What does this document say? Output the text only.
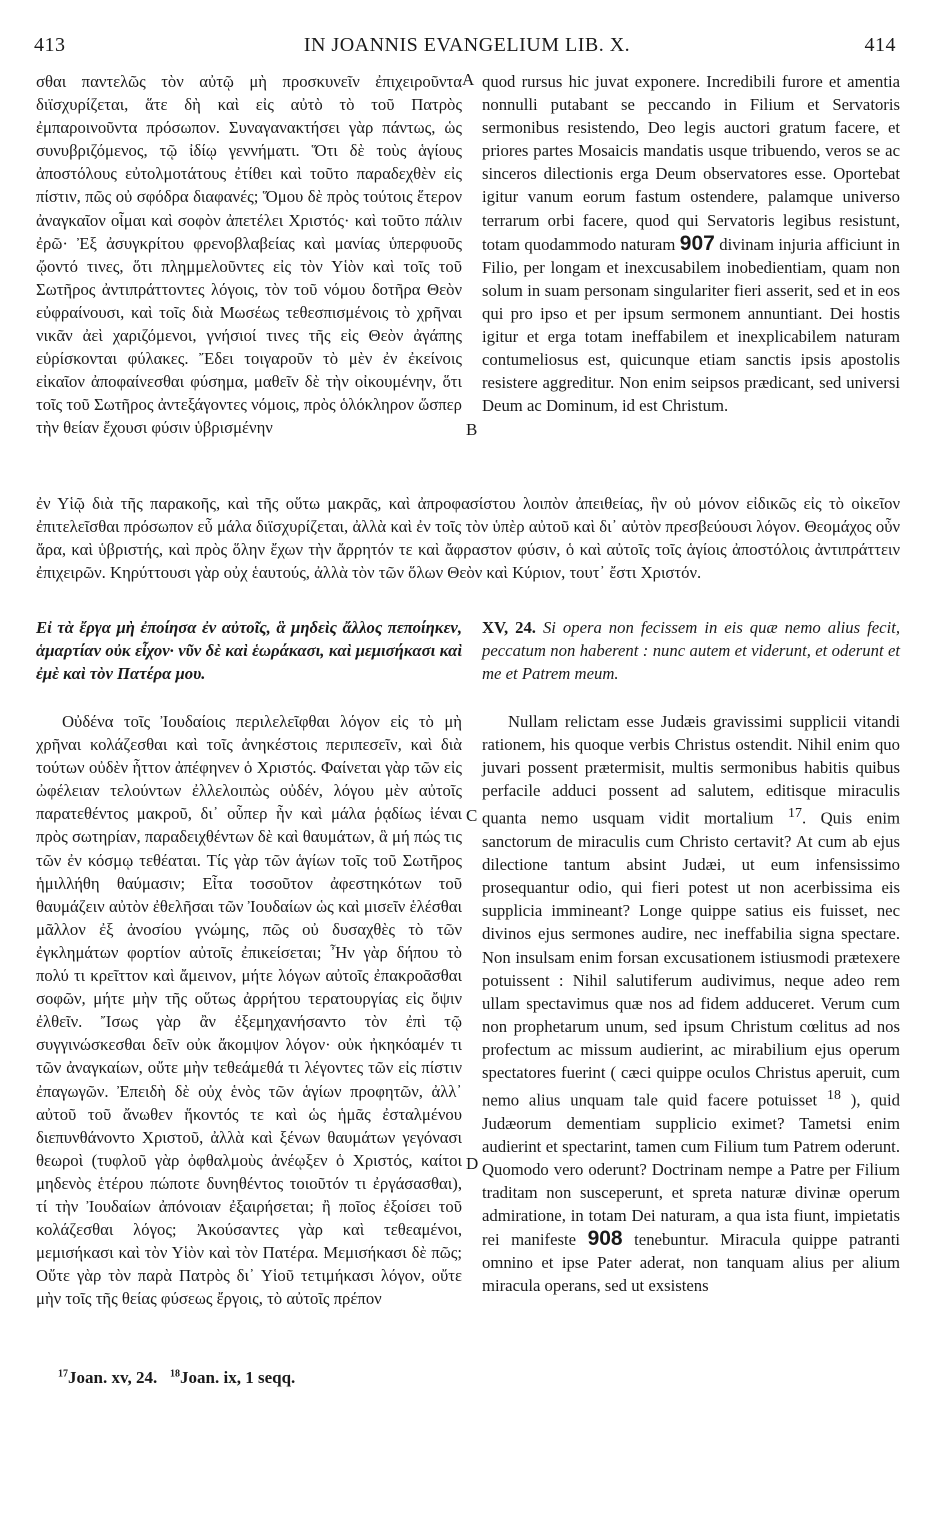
413	IN JOANNIS EVANGELIUM LIB. X.	414

σθαι παντελῶς τὸν αὐτῷ μὴ προσκυνεῖν ἐπιχειροῦντα διϊσχυρίζεται, ἅτε δὴ καὶ εἰς αὐτὸ τὸ τοῦ Πατρὸς ἐμπαροινοῦντα πρόσωπον. Συναγανακτήσει γὰρ πάντως, ὡς συνυβριζόμενος, τῷ ἰδίῳ γεννήματι. Ὅτι δὲ τοὺς ἁγίους ἀποστόλους εὐτολμοτάτους ἐτίθει καὶ τοῦτο παραδεχθὲν εἰς πίστιν, πῶς οὐ σφόδρα διαφανές; Ὅμου δὲ πρὸς τούτοις ἕτερον ἀναγκαῖον οἶμαι καὶ σοφὸν ἀπετέλει Χριστός· καὶ τοῦτο πάλιν ἐρῶ· Ἐξ ἀσυγκρίτου φρενοβλαβείας καὶ μανίας ὑπερφυοῦς ᾤοντό τινες, ὅτι πλημμελοῦντες εἰς τὸν Υἱὸν καὶ τοῖς τοῦ Σωτῆρος ἀντιπράττοντες λόγοις, τὸν τοῦ νόμου δοτῆρα Θεὸν εὐφραίνουσι, καὶ τοῖς διὰ Μωσέως τεθεσπισμένοις τὸ χρῆναι νικᾶν ἀεὶ χαριζόμενοι, γνήσιοί τινες τῆς εἰς Θεὸν ἀγάπης εὑρίσκονται φύλακες. Ἔδει τοιγαροῦν τὸ μὲν ἐν ἐκείνοις εἰκαῖον ἀποφαίνεσθαι φύσημα, μαθεῖν δὲ τὴν οἰκουμένην, ὅτι τοῖς τοῦ Σωτῆρος ἀντεξάγοντες νόμοις, πρὸς ὁλόκληρον ὥσπερ τὴν θείαν ἔχουσι φύσιν ὑβρισμένην

quod rursus hic juvat exponere. Incredibili furore et amentia nonnulli putabant se peccando in Filium et Servatoris sermonibus resistendo, Deo legis auctori gratum facere, et priores partes Mosaicis mandatis usque tribuendo, veros se ac sinceros dilectionis erga Deum observatores esse. Oportebat igitur vanum eorum fastum ostendere, palamque universo terrarum orbi facere, quod qui Servatoris legibus resistunt, totam quodammodo naturam 907 divinam injuria afficiunt in Filio, per longam et inexcusabilem inobedientiam, quam non solum in suam personam singulariter fieri asserit, sed et in eos qui pro ipso et per ipsum sermonem annuntiant. Dei hostis igitur et erga totam ineffabilem et inexplicabilem naturam contumeliosus est, quicunque etiam sanctis ipsis apostolis resistere aggreditur. Non enim seipsos prædicant, sed universi Deum ac Dominum, id est Christum.

A
B

ἐν Υἱῷ διὰ τῆς παρακοῆς, καὶ τῆς οὕτω μακρᾶς, καὶ ἀπροφασίστου λοιπὸν ἀπειθείας, ἣν οὐ μόνον εἰδικῶς εἰς τὸ οἰκεῖον ἐπιτελεῖσθαι πρόσωπον εὖ μάλα διϊσχυρίζεται, ἀλλὰ καὶ ἐν τοῖς τὸν ὑπὲρ αὐτοῦ καὶ δι᾽ αὐτὸν πρεσβεύουσι λόγον. Θεομάχος οὖν ἄρα, καὶ ὑβριστής, καὶ πρὸς ὅλην ἔχων τὴν ἄρρητόν τε καὶ ἄφραστον φύσιν, ὁ καὶ αὐτοῖς τοῖς ἁγίοις ἀποστόλοις ἀντιπράττειν ἐπιχειρῶν. Κηρύττουσι γὰρ οὐχ ἑαυτούς, ἀλλὰ τὸν τῶν ὅλων Θεὸν καὶ Κύριον, τουτ᾽ ἔστι Χριστόν.

Εἰ τὰ ἔργα μὴ ἐποίησα ἐν αὐτοῖς, ἃ μηδεὶς ἄλλος πεποίηκεν, ἁμαρτίαν οὐκ εἶχον· νῦν δὲ καὶ ἑωράκασι, καὶ μεμισήκασι καὶ ἐμὲ καὶ τὸν Πατέρα μου.

XV, 24. Si opera non fecissem in eis quæ nemo alius fecit, peccatum non haberent : nunc autem et viderunt, et oderunt et me et Patrem meum.

Οὐδένα τοῖς Ἰουδαίοις περιλελεῖφθαι λόγον εἰς τὸ μὴ χρῆναι κολάζεσθαι καὶ τοῖς ἀνηκέστοις περιπεσεῖν, καὶ διὰ τούτων οὐδὲν ἧττον ἀπέφηνεν ὁ Χριστός. Φαίνεται γὰρ τῶν εἰς ὠφέλειαν τελούντων ἐλλελοιπὼς οὐδέν, λόγου μὲν αὐτοῖς παρατεθέντος μακροῦ, δι᾽ οὗπερ ἦν καὶ μάλα ῥᾳδίως ἰέναι πρὸς σωτηρίαν, παραδειχθέντων δὲ καὶ θαυμάτων, ἃ μή πώς τις τῶν ἐν κόσμῳ τεθέαται. Τίς γὰρ τῶν ἁγίων τοῖς τοῦ Σωτῆρος ἡμιλλήθη θαύμασιν; Εἶτα τοσοῦτον ἀφεστηκότων τοῦ θαυμάζειν αὐτὸν ἐθελῆσαι τῶν Ἰουδαίων ὡς καὶ μισεῖν ἑλέσθαι μᾶλλον ἐξ ἀνοσίου γνώμης, πῶς οὐ δυσαχθὲς τὸ τῶν ἐγκλημάτων φορτίον αὐτοῖς ἐπικείσεται; Ἦν γὰρ δήπου τὸ πολύ τι κρεῖττον καὶ ἄμεινον, μήτε λόγων αὐτοῖς ἐπακροᾶσθαι σοφῶν, μήτε μὴν τῆς οὕτως ἀρρήτου τερατουργίας εἰς ὄψιν ἐλθεῖν. Ἴσως γὰρ ἂν ἐξεμηχανήσαντο τὸν ἐπὶ τῷ συγγινώσκεσθαι δεῖν οὐκ ἄκομψον λόγον· οὐκ ἠκηκόαμέν τι τῶν ἀναγκαίων, οὔτε μὴν τεθεάμεθά τι λέγοντες τῶν εἰς πίστιν ἐπαγωγῶν. Ἐπειδὴ δὲ οὐχ ἑνὸς τῶν ἁγίων προφητῶν, ἀλλ᾽ αὐτοῦ τοῦ ἄνωθεν ἥκοντός τε καὶ ὡς ἡμᾶς ἐσταλμένου διεπυνθάνοντο Χριστοῦ, ἀλλὰ καὶ ξένων θαυμάτων γεγόνασι θεωροὶ (τυφλοῦ γὰρ ὀφθαλμοὺς ἀνέῳξεν ὁ Χριστός, καίτοι μηδενὸς ἑτέρου πώποτε δυνηθέντος τοιοῦτόν τι ἐργάσασθαι), τί τὴν Ἰουδαίων ἀπόνοιαν ἐξαιρήσεται; ἢ ποῖος ἐξοίσει τοῦ κολάζεσθαι λόγος; Ἀκούσαντες γὰρ καὶ τεθεαμένοι, μεμισήκασι καὶ τὸν Υἱὸν καὶ τὸν Πατέρα. Μεμισήκασι δὲ πῶς; Οὔτε γὰρ τὸν παρὰ Πατρὸς δι᾽ Υἱοῦ τετιμήκασι λόγον, οὔτε μὴν τοῖς τῆς θείας φύσεως ἔργοις, τὸ αὐτοῖς πρέπον

Nullam relictam esse Judæis gravissimi supplicii vitandi rationem, his quoque verbis Christus ostendit. Nihil enim quo juvari possent prætermisit, multis sermonibus habitis quibus perfacile adduci possent ad salutem, editisque miraculis quanta nemo usquam vidit mortalium $^{17}$. Quis enim sanctorum de miraculis cum Christo certavit? At cum ab ejus dilectione tantum absint Judæi, ut eum infensissimo prosequantur odio, qui fieri potest ut non acerbissima eis supplicia immineant? Longe quippe satius eis fuisset, nec divinos ejus sermones audire, nec ineffabilia signa spectare. Non insulsam enim forsan excusationem istiusmodi prætexere potuissent : Nihil salutiferum audivimus, neque adeo rem ullam spectavimus quæ nos ad fidem adduceret. Verum cum non prophetarum unum, sed ipsum Christum cœlitus ad nos profectum ac missum audierint, ac mirabilium ejus operum spectatores fuerint ( cæci quippe oculos Christus aperuit, cum nemo alius unquam tale quid facere potuisset $^{18}$ ), quid Judæorum dementiam supplicio eximet? Tametsi enim audierint et spectarint, tamen cum Filium tum Patrem oderunt. Quomodo vero oderunt? Doctrinam nempe a Patre per Filium traditam non susceperunt, et spreta naturæ divinæ operum admiratione, in totam Dei naturam, a qua ista fiunt, impietatis rei manifeste 908 tenebuntur. Miracula quippe patranti omnino et ipse Pater aderat, non tanquam alius per alium miracula operans, sed ut exsistens

C
D
$^{17}$Joan. xv, 24. $^{18}$Joan. ix, 1 seqq.
